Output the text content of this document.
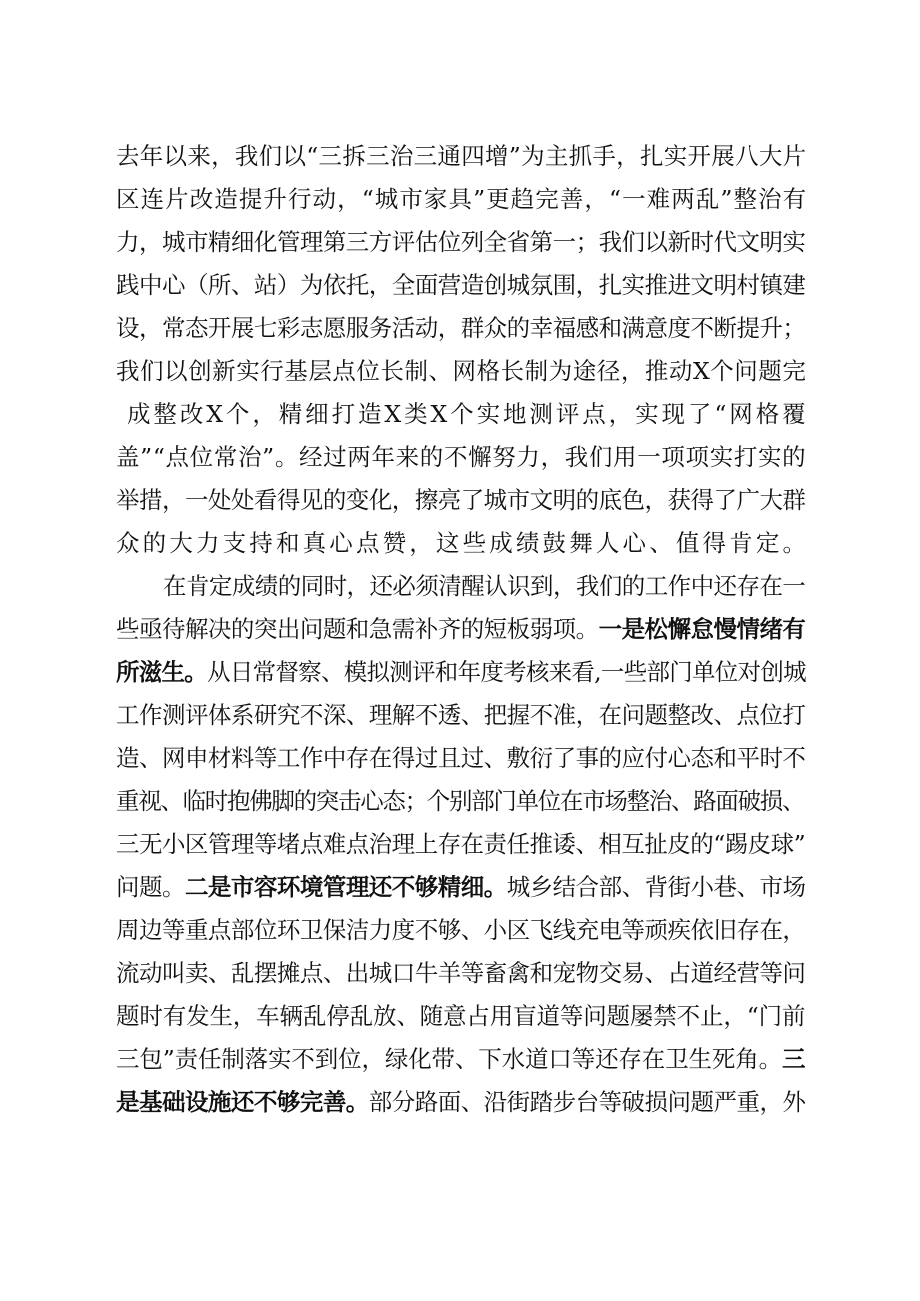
去年以来，我们以“三拆三治三通四增”为主抓手，扎实开展八大片
区连片改造提升行动，“城市家具”更趋完善，“一难两乱”整治有
力，城市精细化管理第三方评估位列全省第一；我们以新时代文明实
践中心（所、站）为依托，全面营造创城氛围，扎实推进文明村镇建
设，常态开展七彩志愿服务活动，群众的幸福感和满意度不断提升；
我们以创新实行基层点位长制、网格长制为途径，推动X个问题完
成整改X个，精细打造X类X个实地测评点，实现了“网格覆
盖”“点位常治”。经过两年来的不懈努力，我们用一项项实打实的
举措，一处处看得见的变化，擦亮了城市文明的底色，获得了广大群
众的大力支持和真心点赞，这些成绩鼓舞人心、值得肯定。
在肯定成绩的同时，还必须清醒认识到，我们的工作中还存在一
些亟待解决的突出问题和急需补齐的短板弱项。一是松懈怠慢情绪有
所滋生。从日常督察、模拟测评和年度考核来看,一些部门单位对创城
工作测评体系研究不深、理解不透、把握不准，在问题整改、点位打
造、网申材料等工作中存在得过且过、敷衍了事的应付心态和平时不
重视、临时抱佛脚的突击心态；个别部门单位在市场整治、路面破损、
三无小区管理等堵点难点治理上存在责任推诿、相互扯皮的“踢皮球”
问题。二是市容环境管理还不够精细。城乡结合部、背街小巷、市场
周边等重点部位环卫保洁力度不够、小区飞线充电等顽疾依旧存在，
流动叫卖、乱摆摊点、出城口牛羊等畜禽和宠物交易、占道经营等问
题时有发生，车辆乱停乱放、随意占用盲道等问题屡禁不止，“门前
三包”责任制落实不到位，绿化带、下水道口等还存在卫生死角。三
是基础设施还不够完善。部分路面、沿街踏步台等破损问题严重，外
